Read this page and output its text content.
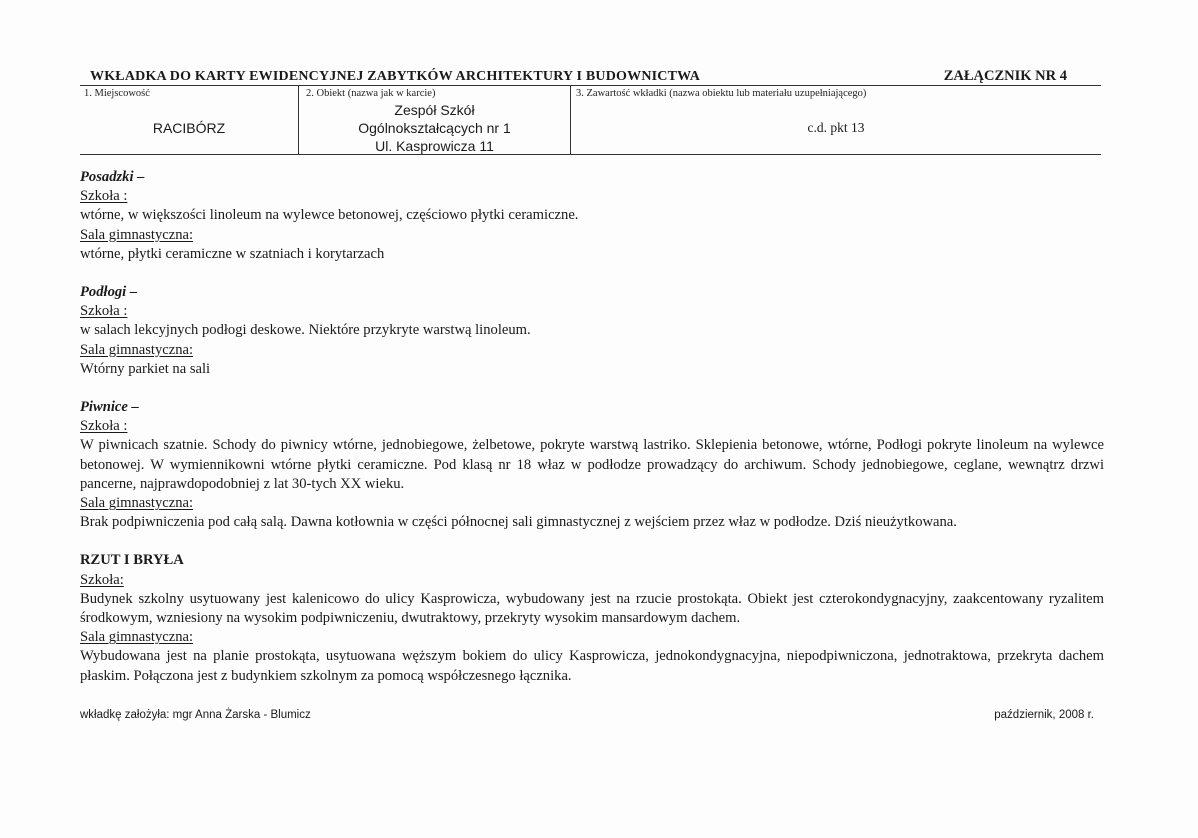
WKŁADKA DO KARTY EWIDENCYJNEJ ZABYTKÓW ARCHITEKTURY I BUDOWNICTWA	ZAŁĄCZNIK NR 4
1. Miejscowość
RACIBÓRZ
2. Obiekt (nazwa jak w karcie)
Zespół Szkół
Ogólnokształcących nr 1
Ul. Kasprowicza 11
3. Zawartość wkładki (nazwa obiektu lub materiału uzupełniającego)
c.d. pkt 13
Posadzki –
Szkoła :

wtórne, w większości linoleum na wylewce betonowej, częściowo płytki ceramiczne.

Sala gimnastyczna:

wtórne, płytki ceramiczne w szatniach i korytarzach

Podłogi –
Szkoła :

w salach lekcyjnych podłogi deskowe. Niektóre przykryte warstwą linoleum.

Sala gimnastyczna:

Wtórny parkiet na sali

Piwnice –
Szkoła :

W piwnicach szatnie. Schody do piwnicy wtórne, jednobiegowe, żelbetowe, pokryte warstwą lastriko. Sklepienia betonowe, wtórne, Podłogi pokryte linoleum na wylewce betonowej. W wymiennikowni wtórne płytki ceramiczne. Pod klasą nr 18 właz w podłodze prowadzący do archiwum. Schody jednobiegowe, ceglane, wewnątrz drzwi pancerne, najprawdopodobniej z lat 30-tych XX wieku.

Sala gimnastyczna:

Brak podpiwniczenia pod całą salą. Dawna kotłownia w części północnej sali gimnastycznej z wejściem przez właz w podłodze. Dziś nieużytkowana.

RZUT I BRYŁA
Szkoła:

Budynek szkolny usytuowany jest kalenicowo do ulicy Kasprowicza, wybudowany jest na rzucie prostokąta. Obiekt jest czterokondygnacyjny, zaakcentowany ryzalitem środkowym, wzniesiony na wysokim podpiwniczeniu, dwutraktowy, przekryty wysokim mansardowym dachem.

Sala gimnastyczna:

Wybudowana jest na planie prostokąta, usytuowana węższym bokiem do ulicy Kasprowicza, jednokondygnacyjna, niepodpiwniczona, jednotraktowa, przekryta dachem płaskim. Połączona jest z budynkiem szkolnym za pomocą współczesnego łącznika.

wkładkę założyła: mgr Anna Żarska - Blumicz	październik, 2008 r.
